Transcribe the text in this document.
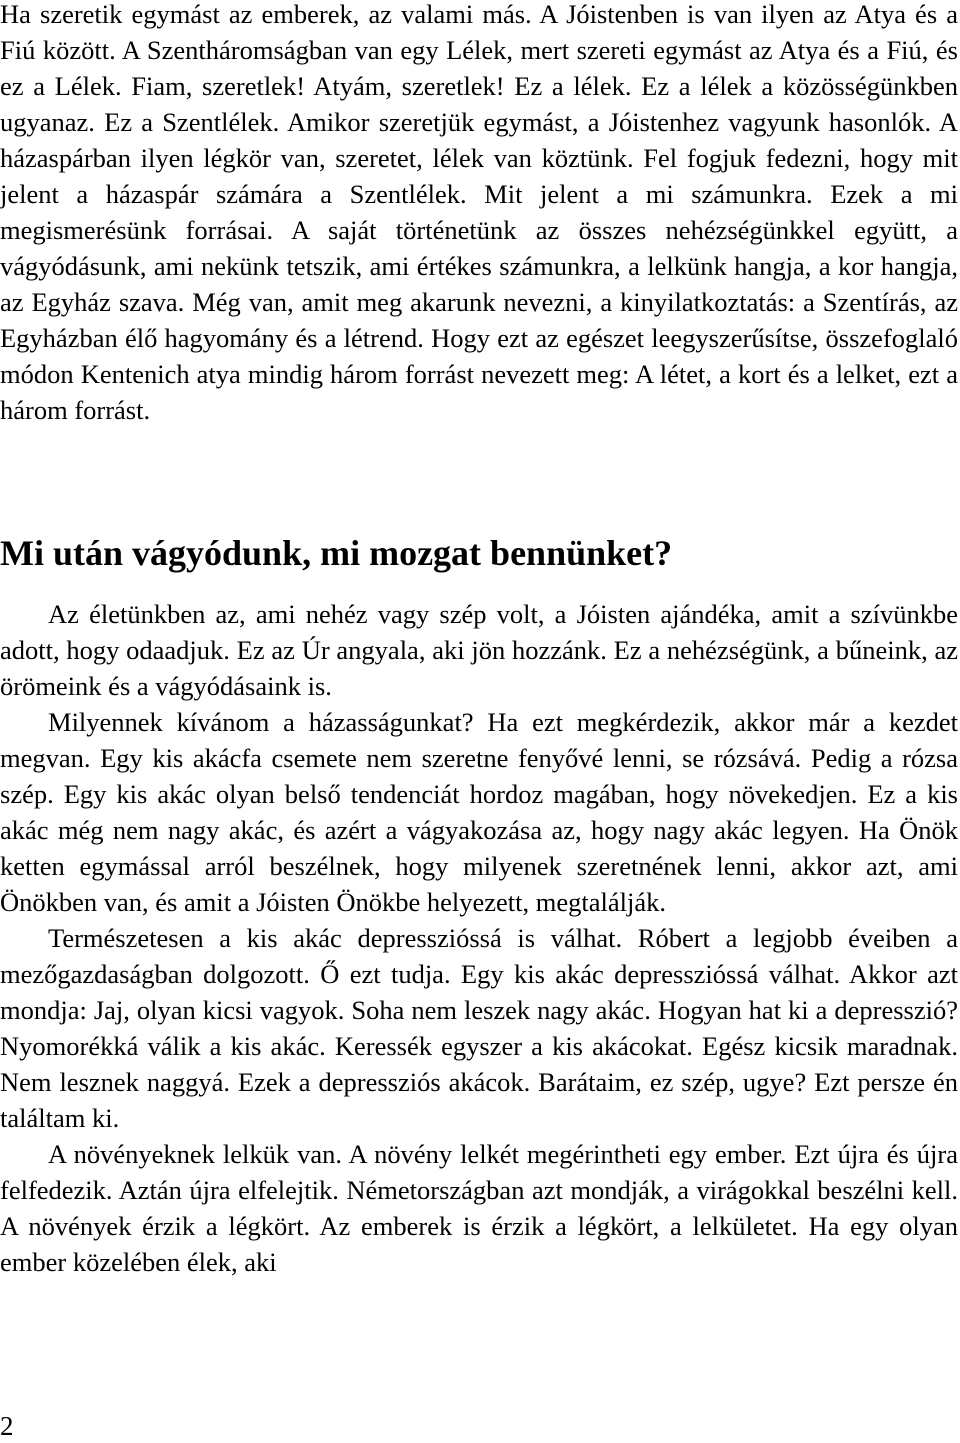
Ha szeretik egymást az emberek, az valami más. A Jóistenben is van ilyen az Atya és a Fiú között. A Szentháromságban van egy Lélek, mert szereti egymást az Atya és a Fiú, és ez a Lélek. Fiam, szeretlek! Atyám, szeretlek! Ez a lélek. Ez a lélek a közösségünkben ugyanaz. Ez a Szentlélek. Amikor szeretjük egymást, a Jóistenhez vagyunk hasonlók. A házaspárban ilyen légkör van, szeretet, lélek van köztünk. Fel fogjuk fedezni, hogy mit jelent a házaspár számára a Szentlélek. Mit jelent a mi számunkra. Ezek a mi megismerésünk forrásai. A saját történetünk az összes nehézségünkkel együtt, a vágyódásunk, ami nekünk tetszik, ami értékes számunkra, a lelkünk hangja, a kor hangja, az Egyház szava. Még van, amit meg akarunk nevezni, a kinyilatkoztatás: a Szentírás, az Egyházban élő hagyomány és a létrend. Hogy ezt az egészet leegyszerűsítse, összefoglaló módon Kentenich atya mindig három forrást nevezett meg: A létet, a kort és a lelket, ezt a három forrást.

Mi után vágyódunk, mi mozgat bennünket?

Az életünkben az, ami nehéz vagy szép volt, a Jóisten ajándéka, amit a szívünkbe adott, hogy odaadjuk. Ez az Úr angyala, aki jön hozzánk. Ez a nehézségünk, a bűneink, az örömeink és a vágyódásaink is.

Milyennek kívánom a házasságunkat? Ha ezt megkérdezik, akkor már a kezdet megvan. Egy kis akácfa csemete nem szeretne fenyővé lenni, se rózsává. Pedig a rózsa szép. Egy kis akác olyan belső tendenciát hordoz magában, hogy növekedjen. Ez a kis akác még nem nagy akác, és azért a vágyakozása az, hogy nagy akác legyen. Ha Önök ketten egymással arról beszélnek, hogy milyenek szeretnének lenni, akkor azt, ami Önökben van, és amit a Jóisten Önökbe helyezett, megtalálják.

Természetesen a kis akác depresszióssá is válhat. Róbert a legjobb éveiben a mezőgazdaságban dolgozott. Ő ezt tudja. Egy kis akác depresszióssá válhat. Akkor azt mondja: Jaj, olyan kicsi vagyok. Soha nem leszek nagy akác. Hogyan hat ki a depresszió? Nyomorékká válik a kis akác. Keressék egyszer a kis akácokat. Egész kicsik maradnak. Nem lesznek naggyá. Ezek a depressziós akácok. Barátaim, ez szép, ugye? Ezt persze én találtam ki.

A növényeknek lelkük van. A növény lelkét megérintheti egy ember. Ezt újra és újra felfedezik. Aztán újra elfelejtik. Németországban azt mondják, a virágokkal beszélni kell. A növények érzik a légkört. Az emberek is érzik a légkört, a lelkületet. Ha egy olyan ember közelében élek, aki

2
